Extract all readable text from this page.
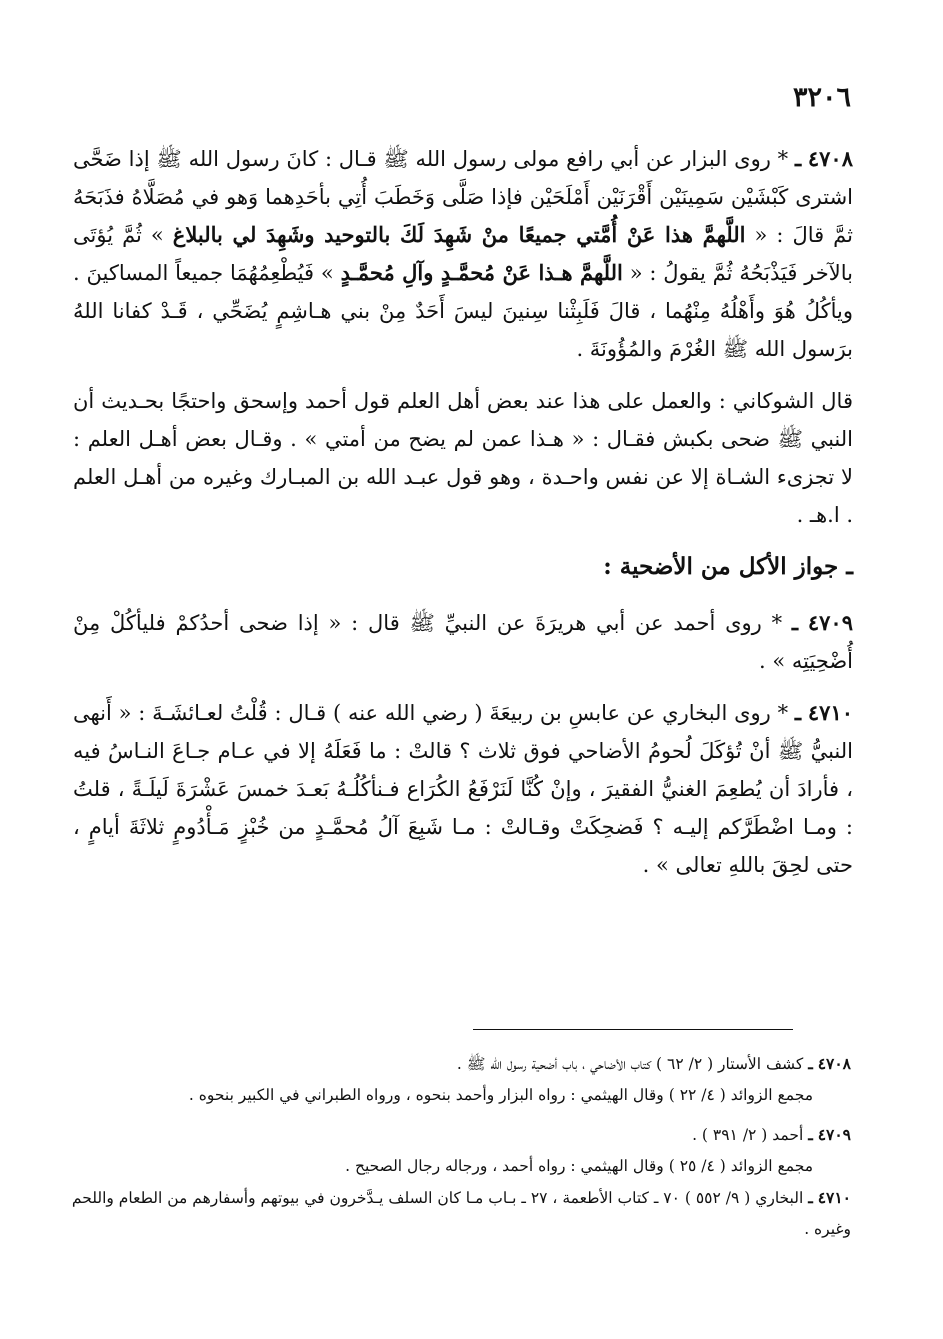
٣٢٠٦

٤٧٠٨ ـ * روى البزار عن أبي رافع مولى رسول الله ﷺ قـال : كانَ رسول الله ﷺ إذا ضَحَّى اشترى كَبْشَيْن سَمِينَيْن أَقْرَنَيْن أَمْلَحَيْن فإذا صَلَّى وَخَطَبَ أُتِي بأحَدِهما وَهو في مُصَلَّاهُ فذَبَحَهُ ثمَّ قالَ : « اللَّهمَّ هذا عَنْ أُمَّتي جميعًا منْ شَهِدَ لَكَ بالتوحيد وشَهِدَ لي بالبلاغ » ثُمَّ يُؤتَى بالآخر فَيَذْبَحُهُ ثُمَّ يقولُ : « اللَّهمَّ هـذا عَنْ مُحمَّـدٍ وآلِ مُحمَّـدٍ » فَيُطْعِمُهُمَا جميعاً المساكينَ . ويأكُلُ هُوَ وأَهْلُهُ مِنْهُما ، قالَ فَلَبِثْنا سِنينَ ليسَ أَحَدٌ مِنْ بني هـاشِمٍ يُضَحِّي ، قَـدْ كفانا اللهُ برَسول الله ﷺ الغُرْمَ والمُؤُونَةَ .

قال الشوكاني : والعمل على هذا عند بعض أهل العلم قول أحمد وإسحق واحتجًا بحـديث أن النبي ﷺ ضحى بكبش فقـال : « هـذا عمن لم يضح من أمتي » . وقـال بعض أهـل العلم : لا تجزىء الشـاة إلا عن نفس واحـدة ، وهو قول عبـد الله بن المبـارك وغيره من أهـل العلم . ا.هـ .

ـ جواز الأكل من الأضحية :

٤٧٠٩ ـ * روى أحمد عن أبي هريرَةَ عن النبيِّ ﷺ قال : « إذا ضحى أحدُكمْ فليأكُلْ مِنْ أُضْحِيَتِه » .

٤٧١٠ ـ * روى البخاري عن عابسِ بن ربيعَةَ ( رضي الله عنه ) قـال : قُلْتُ لعـائشَـةَ : « أَنهى النبيُّ ﷺ أنْ تُؤكَلَ لُحومُ الأضاحي فوق ثلاث ؟ قالتْ : ما فَعَلَهُ إلا في عـام جـاعَ النـاسُ فيه ، فأرادَ أن يُطعِمَ الغنيُّ الفقيرَ ، وإنْ كُنَّا لَنَرْفَعُ الكُرَاع فـنأكُلُـهُ بَعـدَ خمسَ عَشْرَةَ لَيلَـةً ، قلتُ : ومـا اضْطَرَّكم إليـه ؟ فَضحِكَتْ وقـالتْ : مـا شَبِعَ آلُ مُحمَّـدٍ من خُبْزٍ مَـأْدُومٍ ثلاثَةَ أيامٍ ، حتى لحِقَ باللهِ تعالى » .

٤٧٠٨ ـ كشف الأستار ( ٢/ ٦٢ ) كتاب الأضاحي ، باب أضحية رسول الله ﷺ .

مجمع الزوائد ( ٤/ ٢٢ ) وقال الهيثمي : رواه البزار وأحمد بنحوه ، ورواه الطبراني في الكبير بنحوه .

٤٧٠٩ ـ أحمد ( ٢/ ٣٩١ ) .

مجمع الزوائد ( ٤/ ٢٥ ) وقال الهيثمي : رواه أحمد ، ورجاله رجال الصحيح .

٤٧١٠ ـ البخاري ( ٩/ ٥٥٢ ) ٧٠ ـ كتاب الأطعمة ، ٢٧ ـ بـاب مـا كان السلف يـدَّخرون في بيوتهم وأسفارهم من الطعام واللحم وغيره .
